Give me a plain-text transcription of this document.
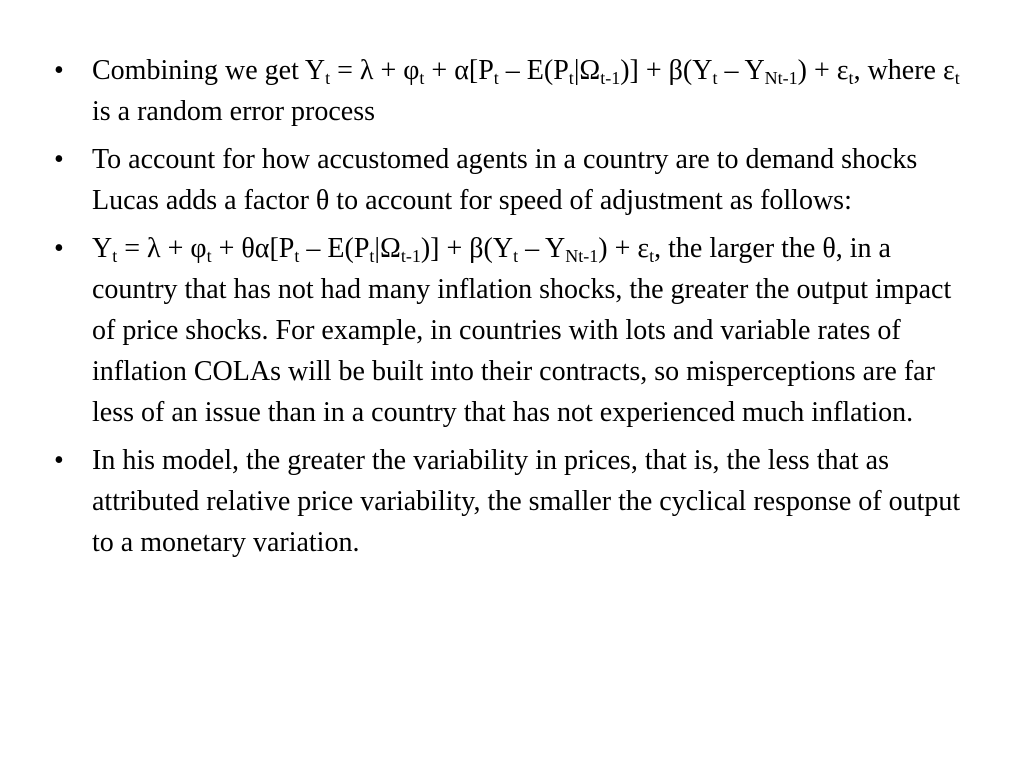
•	Combining we get $Y_t = \lambda + \varphi_t + \alpha[P_t - E(P_t|\Omega_{t-1})] + \beta(Y_t - Y_{Nt-1}) + \varepsilon_t$, where $\varepsilon_t$ is a random error process
•	To account for how accustomed agents in a country are to demand shocks Lucas adds a factor θ to account for speed of adjustment as follows:
•	$Y_t = \lambda + \varphi_t + \theta\alpha[P_t - E(P_t|\Omega_{t-1})] + \beta(Y_t - Y_{Nt-1}) + \varepsilon_t$, the larger the θ, in a country that has not had many inflation shocks, the greater the output impact of price shocks. For example, in countries with lots and variable rates of inflation COLAs will be built into their contracts, so misperceptions are far less of an issue than in a country that has not experienced much inflation.
•	In his model, the greater the variability in prices, that is, the less that as attributed relative price variability, the smaller the cyclical response of output to a monetary variation.
